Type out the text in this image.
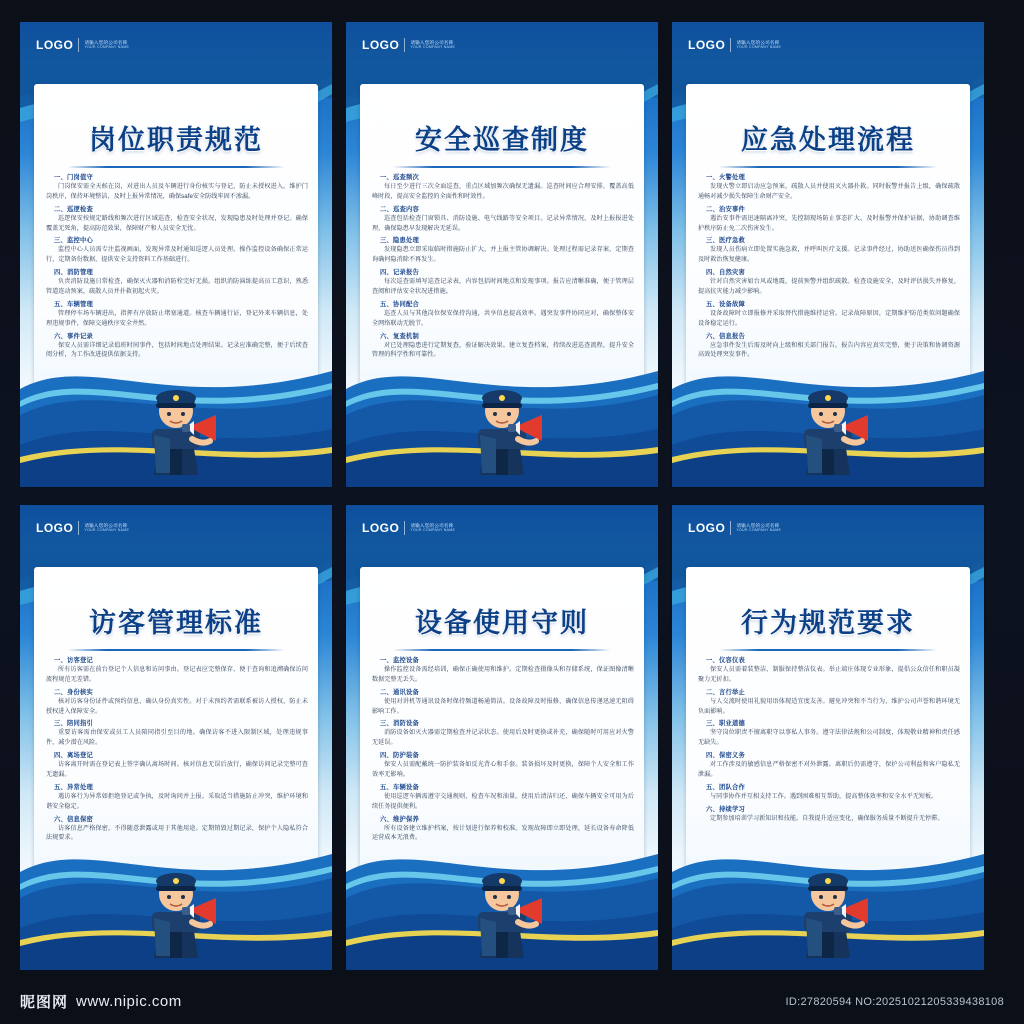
LOGO 请输入您的公司名称
YOUR COMPANY NAME
岗位职责规范
一、门岗值守

门岗保安需全天候在岗，对进出人员及车辆进行身份核实与登记，防止未授权进入。维护门岗秩序，保持环境整洁，及时上报异常情况，确保safe安全防线牢固不渗漏。

二、巡逻检查

巡逻保安按规定路线和频次进行区域巡查，检查安全状况，发现隐患及时处理并登记。确保覆盖无死角，提高防范效果，保障财产和人员安全无忧。

三、监控中心

监控中心人员需专注监视画面，发现异常及时通知巡逻人员处理。操作监控设备确保正常运行，定期备份数据，提供安全支持资料工作基础进行。

四、消防管理

负责消防设施日常检查，确保灭火器和消防栓完好无损。组织消防演练提高员工意识，熟悉管道连动预案，疏散人员并扑救初起火灾。

五、车辆管理

管理停车场车辆进出，指挥有序放防止堵塞通道。核查车辆通行证，登记外来车辆信息，处理违规事件，保障交通秩序安全井然。

六、事件记录

保安人员需详细记录值班时间事件，包括时间地点处理结果。记录应准确完整，便于后续查阅分析，为工作改进提供依据支持。

LOGO 请输入您的公司名称
YOUR COMPANY NAME
安全巡查制度
一、巡查频次

每日至少进行三次全面巡查，重点区域加频次确保无遗漏。巡查时间应合理安排，覆盖高低峰时段，提高安全监控的全面性和时效性。

二、巡查内容

巡查包括检查门窗锁具、消防设施、电气线路等安全项目。记录异常情况，及时上报报进处理，确保隐患早发现解决无延误。

三、隐患处理

发现隐患立即采取临时措施防止扩大，并上报主管协调解决。处理过程需记录存案，定期查询确何隐消除不再发生。

四、记录报告

每次巡查需填写巡查记录表，内容包括时间地点和发现事项。报告应清晰准确，便于管理层查阅和评估安全状况进措施。

五、协同配合

巡查人员与其他岗位保安保持沟通，共享信息提高效率。遇突发事件协同应对，确保整体安全网络联动无脱节。

六、复查机制

对已处理隐患进行定期复查，验证解决效果。建立复查档案，持续改进巡查流程，提升安全管理的科学性和可靠性。

LOGO 请输入您的公司名称
YOUR COMPANY NAME
应急处理流程
一、火警处理

发现火警立即启动应急预案，疏散人员并使用灭火器扑救。同时报警并报告上级，确保疏散通畅对减少损失保障生命财产安全。

二、治安事件

遇治安事件需迅速隔离冲突，先控制现场防止事态扩大。及时报警并保护证据，协助调查维护秩序防止免二次伤害发生。

三、医疗急救

发现人员伤病立即处置实施急救，并呼叫医疗支援。记录事件经过，协助送医确保伤员得到及时救治恢复健康。

四、自然灾害

针对自然灾害如台风或地震，提前预警并组织疏散。检查设施安全，及时评估损失并修复，提高抗灾能力减少影响。

五、设备故障

设备故障时立即报修并采取替代措施维持运营。记录故障原因，定期维护防范类似问题确保设备稳定运行。

六、信息报告

应急事件发生后需及时向上级和相关部门报告。报告内容应真实完整，便于决策和协调资源高效处理突发事件。

LOGO 请输入您的公司名称
YOUR COMPANY NAME
访客管理标准
一、访客登记

所有访客需在前台登记个人信息和访问事由。登记表应完整保存，便于查询和追溯确保访问流程规范无差错。

二、身份核实

核对访客身份证件或预约信息，确认身份真实性。对于未预约者需联系被访人授权，防止未授权进入保障安全。

三、陪同指引

重要访客需由保安或员工人员陪同指引至目的地。确保访客不进入限制区域，处理违规事件，减少潜在风险。

四、离场登记

访客离开时需在登记表上签字确认离场时间。核对信息无误后放行，确保访问记录完整可查无遗漏。

五、异常处理

遇访客行为异常如拒绝登记或争执，及时询问并上报。采取适当措施防止冲突，维护环境和谐安全稳定。

六、信息保密

访客信息严格保密，不得随意泄露或用于其他用途。定期销毁过期记录，保护个人隐私符合法规要求。

LOGO 请输入您的公司名称
YOUR COMPANY NAME
设备使用守则
一、监控设备

操作监控设备需经培训，确保正确使用和维护。定期检查摄像头和存储系统，保证图像清晰数据完整无丢失。

二、通讯设备

使用对讲机等通讯设备时保持频道畅通简洁。设备故障及时报修，确保信息传递迅速无阻碍影响工作。

三、消防设备

消防设备如灭火器需定期检查并记录状态。使用后及时更换或补充，确保随时可用应对火警无延误。

四、防护装备

保安人员需配戴统一防护装备如反光背心和手套。装备损坏及时更换，保障个人安全和工作效率无影响。

五、车辆设备

使用巡逻车辆需遵守交通规则，检查车况和油量。使用后清洁归还，确保车辆安全可用为后续任务提供便利。

六、维护保养

所有设备建立维护档案，按计划进行保养和校准。发现故障即立即处理，延长设备寿命降低运营成本无浪费。

LOGO 请输入您的公司名称
YOUR COMPANY NAME
行为规范要求
一、仪容仪表

保安人员需着装整洁、制服保持整洁仪表。举止端庄体现专业形象，提倡公众信任和职员凝聚力无折扣。

二、言行举止

与人交流时使用礼貌用语体现适宜度友善。避免冲突和不当行为，维护公司声誉和谐环境无负面影响。

三、职业道德

坚守岗位职责不擅离职守以事私人事务。遵守法律法规和公司制度，体现敬业精神和责任感无缺失。

四、保密义务

对工作涉及的敏感信息严格保密不对外泄露。离职后仍需遵守，保护公司利益和客户隐私无泄漏。

五、团队合作

与同事协作并互相支持工作。遇到困难相互帮助，提高整体效率和安全水平无短板。

六、持续学习

定期参加培训学习新知识和技能。自我提升适应变化，确保服务质量不断提升无停滞。

昵图网 www.nipic.com	ID:27820594 NO:20251021205339438108
